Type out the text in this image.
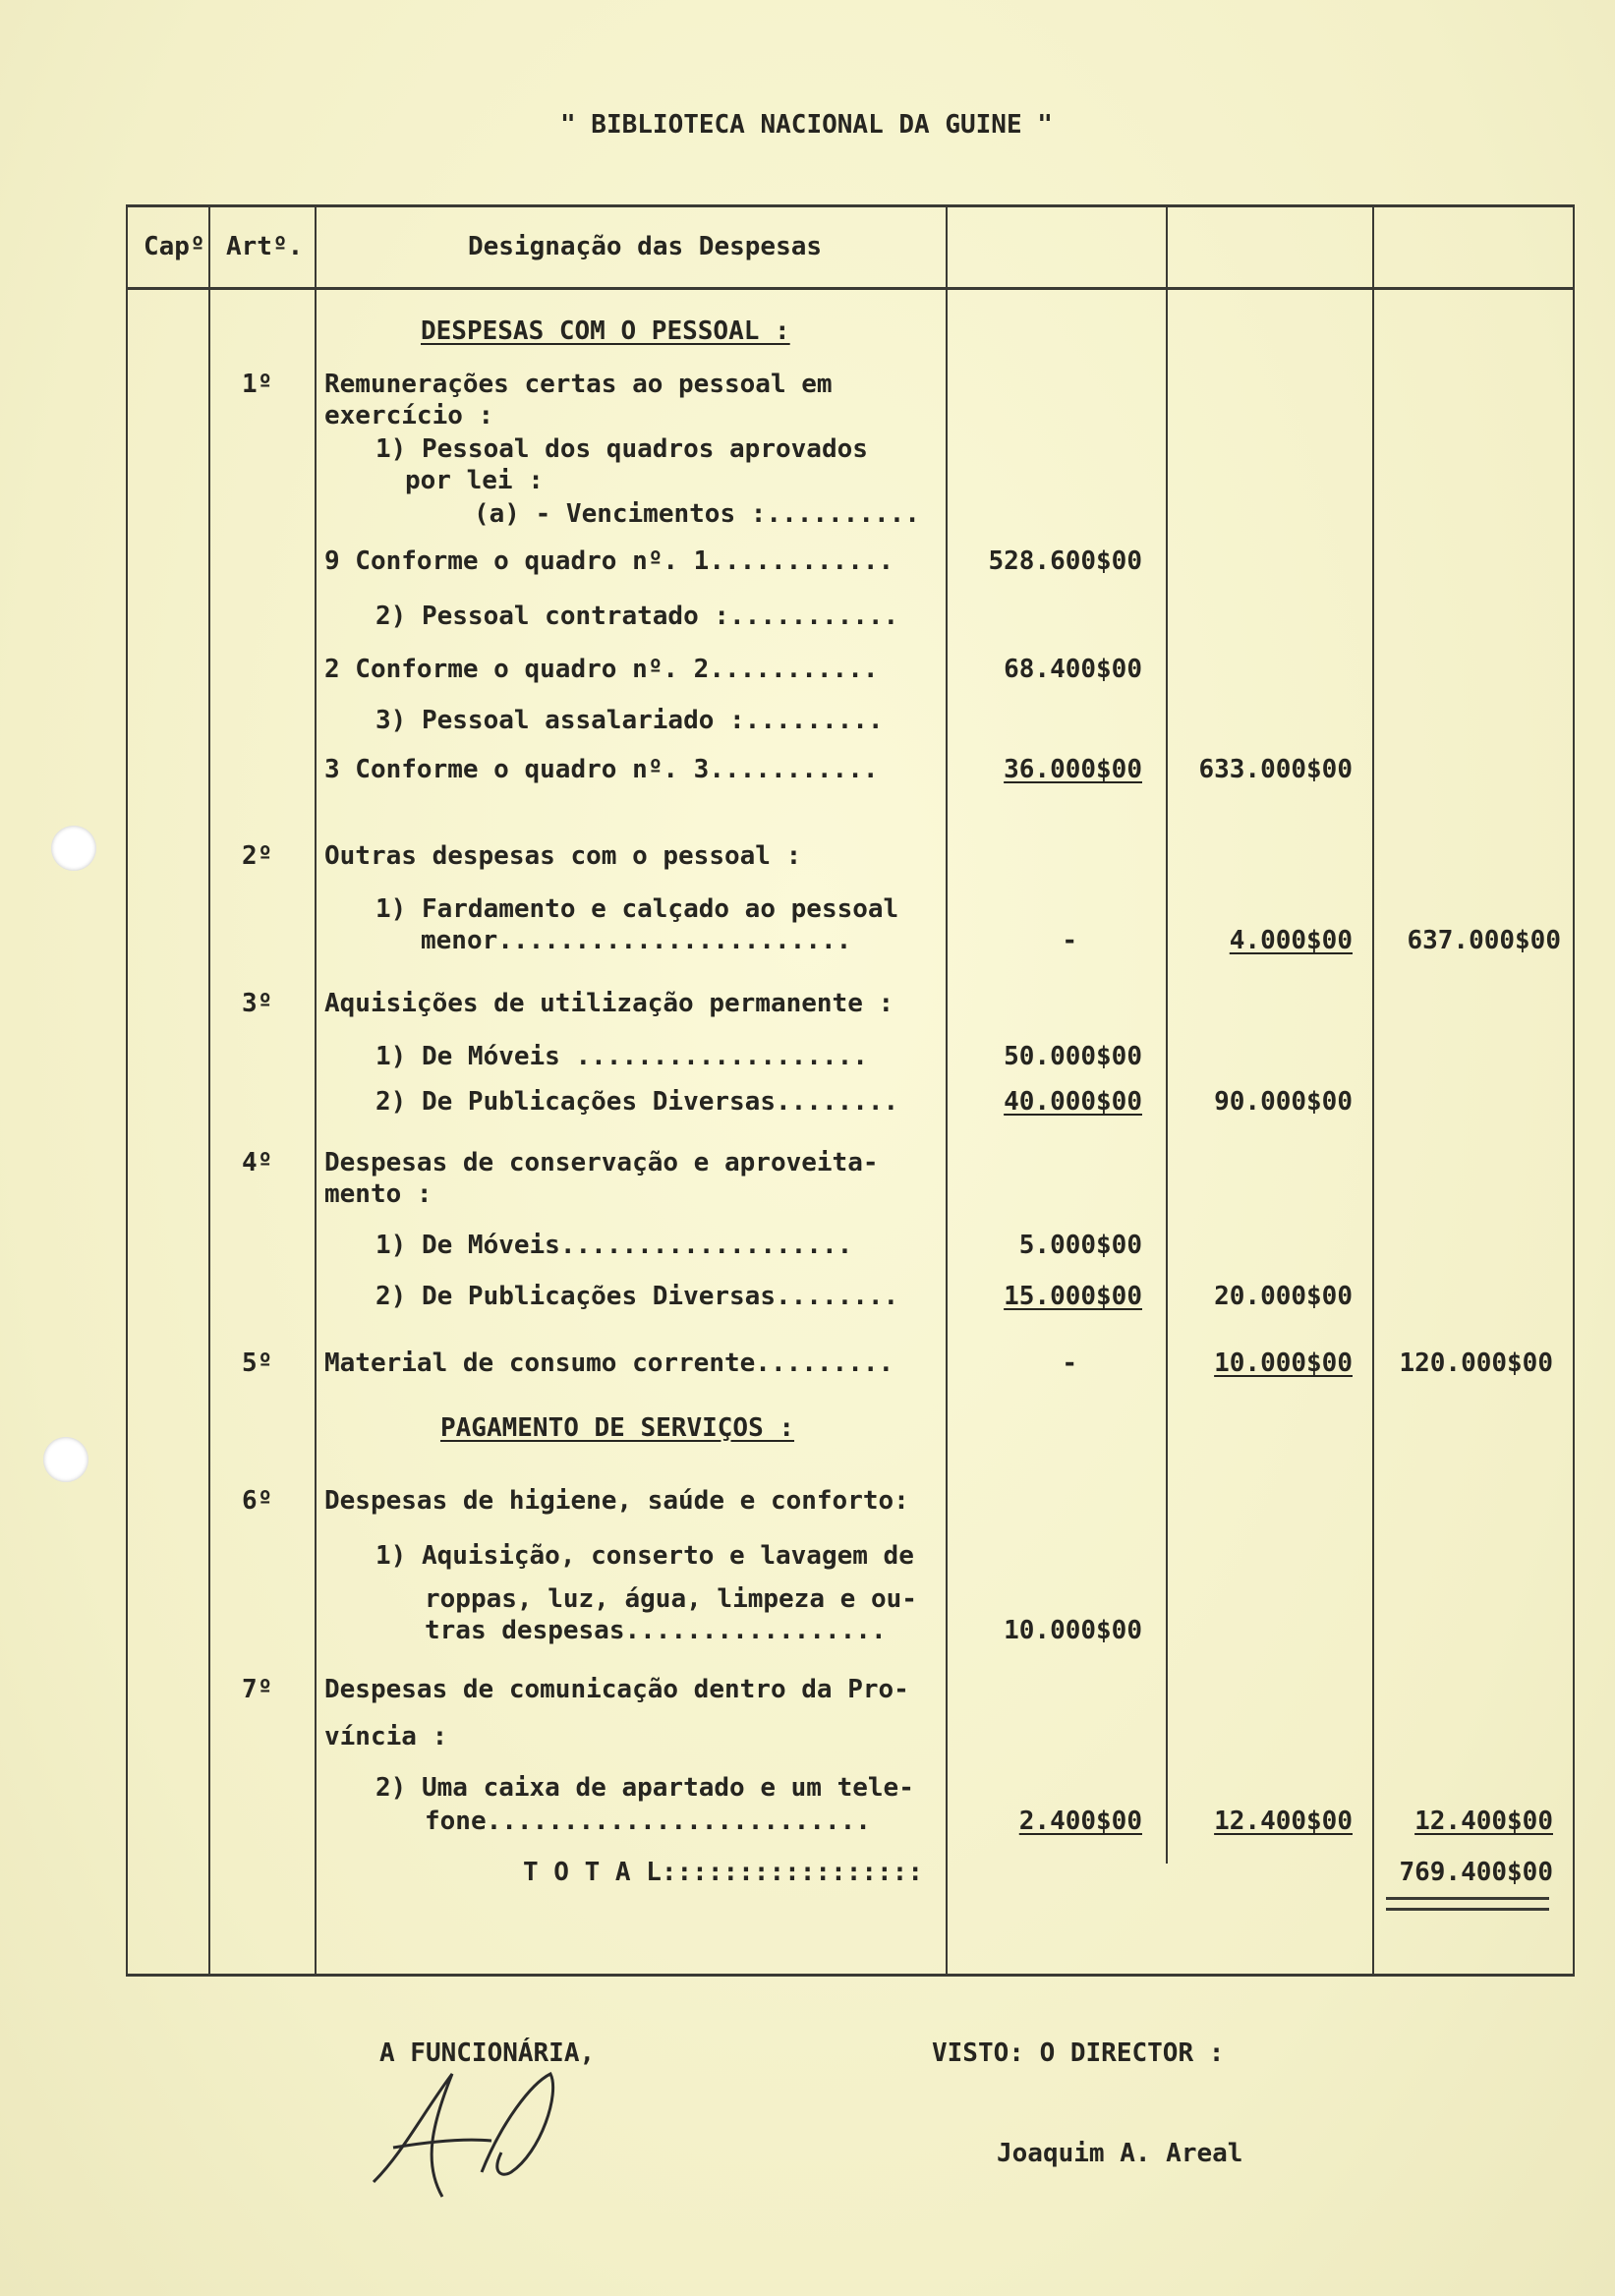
" BIBLIOTECA NACIONAL DA GUINE "
Capº Artº.	Designação das Despesas
DESPESAS COM O PESSOAL :
1º Remunerações certas ao pessoal em
exercício :
1) Pessoal dos quadros aprovados
por lei :
(a) - Vencimentos :..........
9 Conforme o quadro nº. 1............	528.600$00
2) Pessoal contratado :...........
2 Conforme o quadro nº. 2...........	68.400$00
3) Pessoal assalariado :.........
3 Conforme o quadro nº. 3...........	36.000$00	633.000$00
2º Outras despesas com o pessoal :
1) Fardamento e calçado ao pessoal
menor.......................	-	4.000$00	637.000$00
3º Aquisições de utilização permanente :
1) De Móveis ...................	50.000$00
2) De Publicações Diversas........	40.000$00	90.000$00
4º Despesas de conservação e aproveita-
mento :
1) De Móveis...................	5.000$00
2) De Publicações Diversas........	15.000$00	20.000$00
5º Material de consumo corrente.........	-	10.000$00	120.000$00
PAGAMENTO DE SERVIÇOS :
6º Despesas de higiene, saúde e conforto:
1) Aquisição, conserto e lavagem de
roppas, luz, água, limpeza e ou-
tras despesas.................	10.000$00
7º Despesas de comunicação dentro da Pro-
víncia :
2) Uma caixa de apartado e um tele-
fone.........................	2.400$00	12.400$00	12.400$00
T O T A L:::::::::::::::::	769.400$00
A FUNCIONÁRIA,	VISTO: O DIRECTOR :
Joaquim A. Areal
